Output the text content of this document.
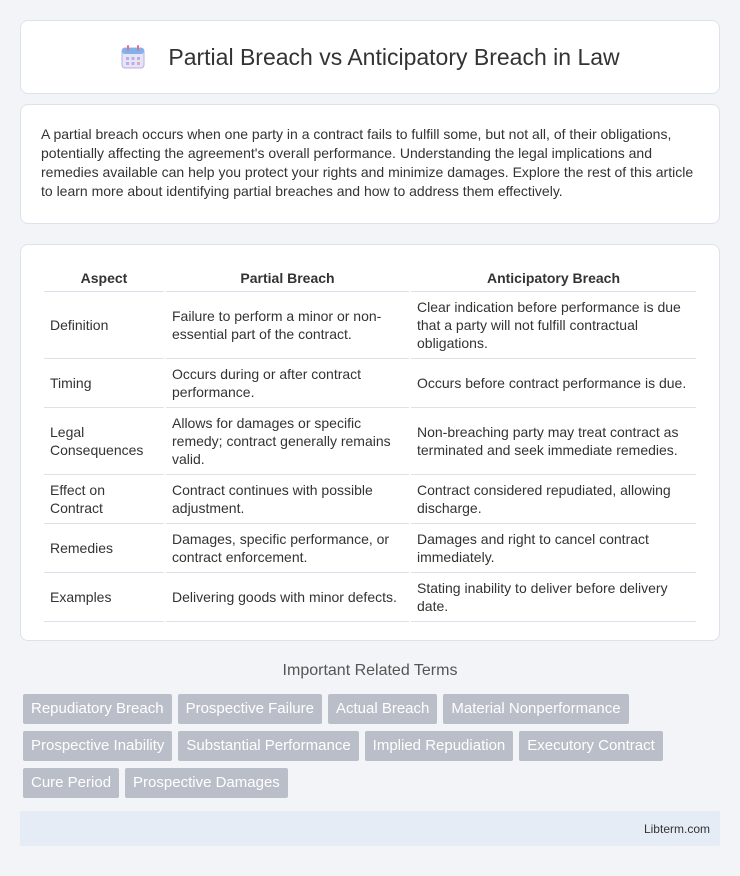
Partial Breach vs Anticipatory Breach in Law

A partial breach occurs when one party in a contract fails to fulfill some, but not all, of their obligations, potentially affecting the agreement's overall performance. Understanding the legal implications and remedies available can help you protect your rights and minimize damages. Explore the rest of this article to learn more about identifying partial breaches and how to address them effectively.

Aspect	Partial Breach	Anticipatory Breach
Definition	Failure to perform a minor or non-essential part of the contract.	Clear indication before performance is due that a party will not fulfill contractual obligations.
Timing	Occurs during or after contract performance.	Occurs before contract performance is due.
Legal Consequences	Allows for damages or specific remedy; contract generally remains valid.	Non-breaching party may treat contract as terminated and seek immediate remedies.
Effect on Contract	Contract continues with possible adjustment.	Contract considered repudiated, allowing discharge.
Remedies	Damages, specific performance, or contract enforcement.	Damages and right to cancel contract immediately.
Examples	Delivering goods with minor defects.	Stating inability to deliver before delivery date.
Important Related Terms
Repudiatory Breach	Prospective Failure	Actual Breach	Material Nonperformance
Prospective Inability	Substantial Performance	Implied Repudiation	Executory Contract
Cure Period	Prospective Damages
Libterm.com
